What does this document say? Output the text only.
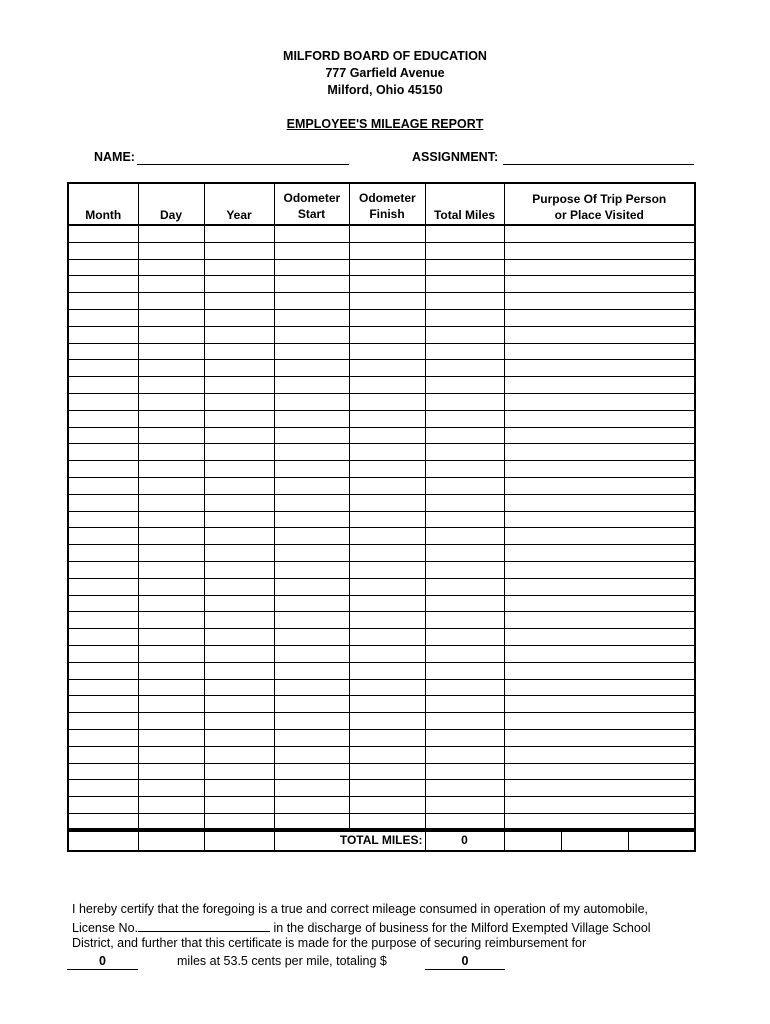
MILFORD BOARD OF EDUCATION
777 Garfield Avenue
Milford, Ohio 45150
EMPLOYEE'S MILEAGE REPORT
NAME:	ASSIGNMENT:
Month	Day	Year	Odometer Start	Odometer Finish	Total Miles	Purpose Of Trip Person or Place Visited

			TOTAL MILES:	0			
I hereby certify that the foregoing is a true and correct mileage consumed in operation of my automobile,
License No.	in the discharge of business for the Milford Exempted Village School
District, and further that this certificate is made for the purpose of securing reimbursement for
0	miles at 53.5 cents per mile, totaling $	0
